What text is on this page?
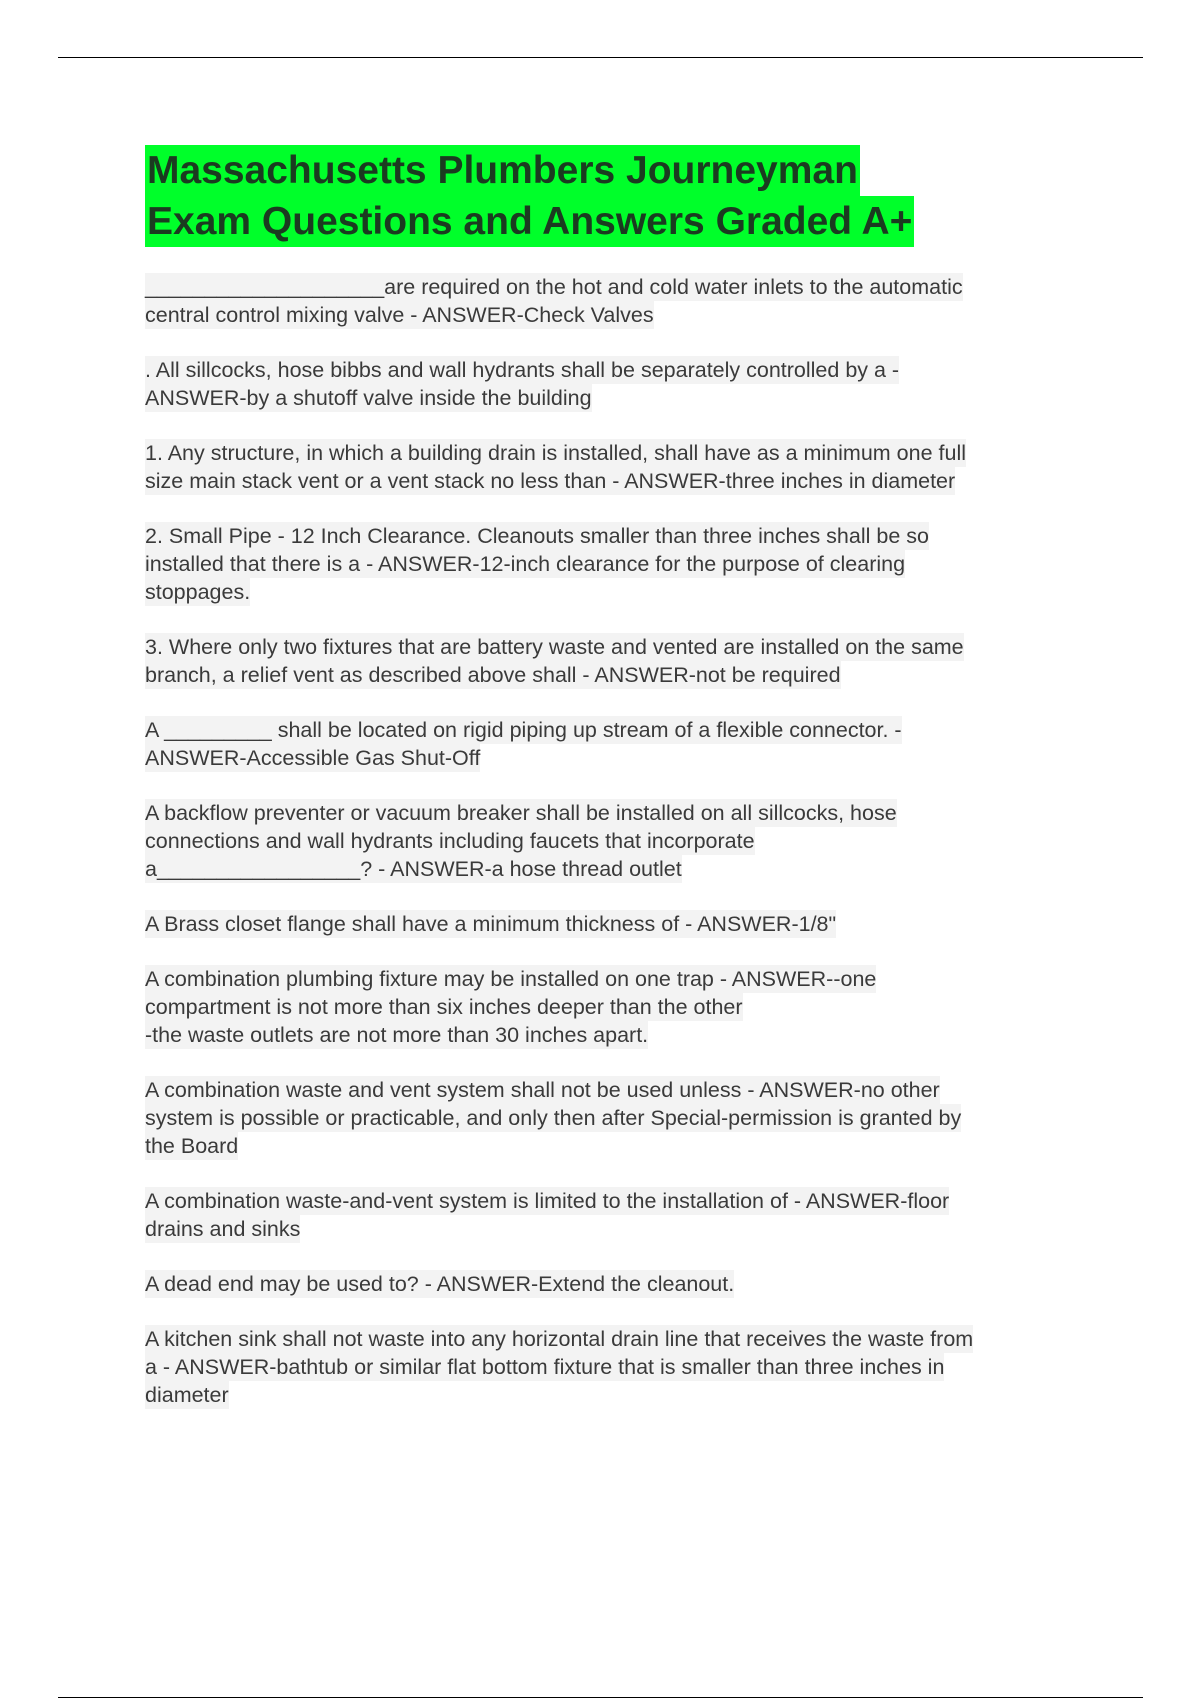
Massachusetts Plumbers Journeyman
Exam Questions and Answers Graded A+
____________________are required on the hot and cold water inlets to the automatic
central control mixing valve - ANSWER-Check Valves
. All sillcocks, hose bibbs and wall hydrants shall be separately controlled by a -
ANSWER-by a shutoff valve inside the building
1. Any structure, in which a building drain is installed, shall have as a minimum one full
size main stack vent or a vent stack no less than - ANSWER-three inches in diameter
2. Small Pipe - 12 Inch Clearance. Cleanouts smaller than three inches shall be so
installed that there is a - ANSWER-12-inch clearance for the purpose of clearing
stoppages.
3. Where only two fixtures that are battery waste and vented are installed on the same
branch, a relief vent as described above shall - ANSWER-not be required
A _________ shall be located on rigid piping up stream of a flexible connector. -
ANSWER-Accessible Gas Shut-Off
A backflow preventer or vacuum breaker shall be installed on all sillcocks, hose
connections and wall hydrants including faucets that incorporate
a_________________? - ANSWER-a hose thread outlet
A Brass closet flange shall have a minimum thickness of - ANSWER-1/8"
A combination plumbing fixture may be installed on one trap - ANSWER--one
compartment is not more than six inches deeper than the other
-the waste outlets are not more than 30 inches apart.
A combination waste and vent system shall not be used unless - ANSWER-no other
system is possible or practicable, and only then after Special-permission is granted by
the Board
A combination waste-and-vent system is limited to the installation of - ANSWER-floor
drains and sinks
A dead end may be used to? - ANSWER-Extend the cleanout.
A kitchen sink shall not waste into any horizontal drain line that receives the waste from
a - ANSWER-bathtub or similar flat bottom fixture that is smaller than three inches in
diameter
